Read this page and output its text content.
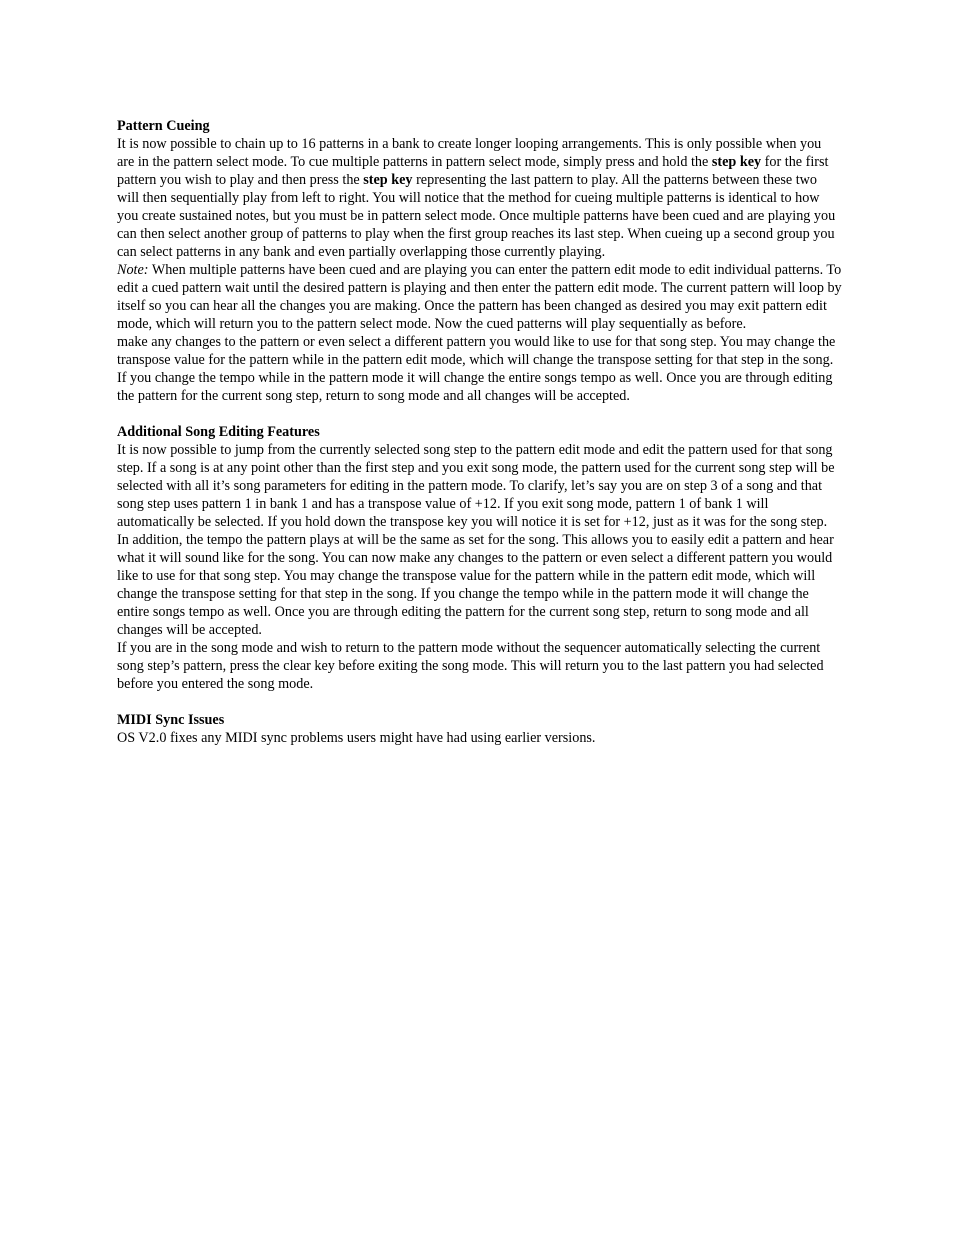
Pattern Cueing

It is now possible to chain up to 16 patterns in a bank to create longer looping arrangements. This is only possible when you are in the pattern select mode. To cue multiple patterns in pattern select mode, simply press and hold the step key for the first pattern you wish to play and then press the step key representing the last pattern to play. All the patterns between these two will then sequentially play from left to right. You will notice that the method for cueing multiple patterns is identical to how you create sustained notes, but you must be in pattern select mode. Once multiple patterns have been cued and are playing you can then select another group of patterns to play when the first group reaches its last step. When cueing up a second group you can select patterns in any bank and even partially overlapping those currently playing.

Note: When multiple patterns have been cued and are playing you can enter the pattern edit mode to edit individual patterns. To edit a cued pattern wait until the desired pattern is playing and then enter the pattern edit mode. The current pattern will loop by itself so you can hear all the changes you are making. Once the pattern has been changed as desired you may exit pattern edit mode, which will return you to the pattern select mode. Now the cued patterns will play sequentially as before.

make any changes to the pattern or even select a different pattern you would like to use for that song step. You may change the transpose value for the pattern while in the pattern edit mode, which will change the transpose setting for that step in the song. If you change the tempo while in the pattern mode it will change the entire songs tempo as well. Once you are through editing the pattern for the current song step, return to song mode and all changes will be accepted.

Additional Song Editing Features

It is now possible to jump from the currently selected song step to the pattern edit mode and edit the pattern used for that song step. If a song is at any point other than the first step and you exit song mode, the pattern used for the current song step will be selected with all it’s song parameters for editing in the pattern mode. To clarify, let’s say you are on step 3 of a song and that song step uses pattern 1 in bank 1 and has a transpose value of +12. If you exit song mode, pattern 1 of bank 1 will automatically be selected. If you hold down the transpose key you will notice it is set for +12, just as it was for the song step. In addition, the tempo the pattern plays at will be the same as set for the song. This allows you to easily edit a pattern and hear what it will sound like for the song. You can now make any changes to the pattern or even select a different pattern you would like to use for that song step. You may change the transpose value for the pattern while in the pattern edit mode, which will change the transpose setting for that step in the song. If you change the tempo while in the pattern mode it will change the entire songs tempo as well. Once you are through editing the pattern for the current song step, return to song mode and all changes will be accepted.

If you are in the song mode and wish to return to the pattern mode without the sequencer automatically selecting the current song step’s pattern, press the clear key before exiting the song mode. This will return you to the last pattern you had selected before you entered the song mode.

MIDI Sync Issues

OS V2.0 fixes any MIDI sync problems users might have had using earlier versions.
